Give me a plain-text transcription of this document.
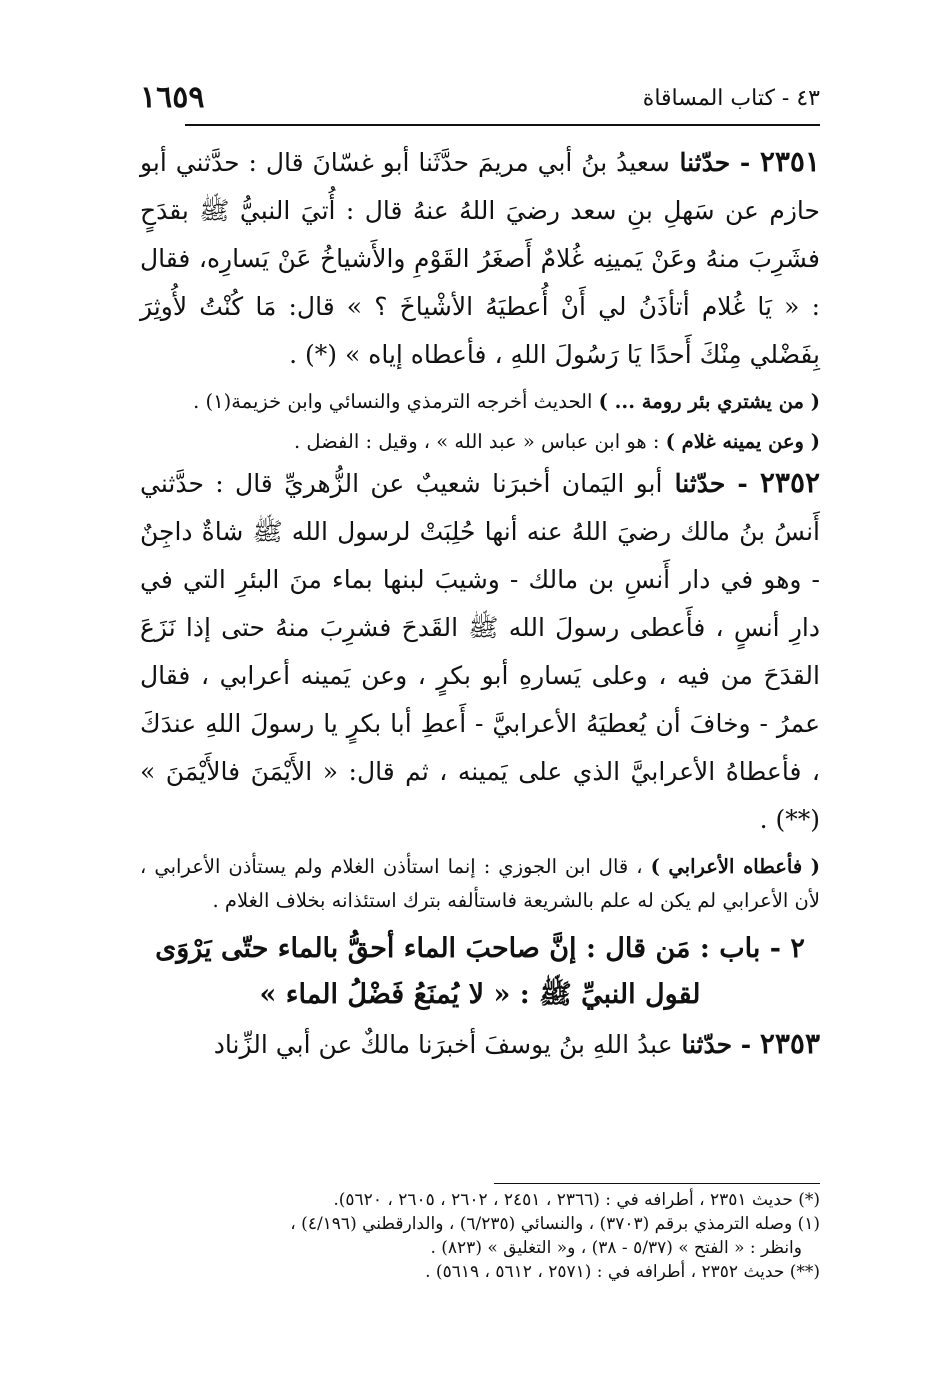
٤٣ - كتاب المساقاة
١٦٥٩

٢٣٥١ - حدّثنا سعيدُ بنُ أبي مريمَ حدَّثَنا أبو غسّانَ قال : حدَّثني أبو حازم عن سَهلِ بنِ سعد رضيَ اللهُ عنهُ قال : أُتيَ النبيُّ ﷺ بقدَحٍ فشَرِبَ منهُ وعَنْ يَمينِه غُلامٌ أَصغَرُ القَوْمِ والأَشياخُ عَنْ يَسارِه، فقال : « يَا غُلام أتأذَنُ لي أَنْ أُعطيَهُ الأشْياخَ ؟ » قال: مَا كُنْتُ لأُوثِرَ بِفَضْلي مِنْكَ أَحدًا يَا رَسُولَ اللهِ ، فأعطاه إياه » (*) .

( من يشتري بئر رومة ... ) الحديث أخرجه الترمذي والنسائي وابن خزيمة(١) .

( وعن يمينه غلام ) : هو ابن عباس « عبد الله » ، وقيل : الفضل .

٢٣٥٢ - حدّثنا أبو اليَمان أخبرَنا شعيبٌ عن الزُّهريِّ قال : حدَّثني أَنسُ بنُ مالك رضيَ اللهُ عنه أنها حُلِبَتْ لرسول الله ﷺ شاةٌ داجِنٌ - وهو في دار أَنسِ بن مالك - وشيبَ لبنها بماء منَ البئرِ التي في دارِ أنسٍ ، فأَعطى رسولَ الله ﷺ القَدحَ فشرِبَ منهُ حتى إذا نَزَعَ القدَحَ من فيه ، وعلى يَسارهِ أبو بكرٍ ، وعن يَمينه أعرابي ، فقال عمرُ - وخافَ أن يُعطيَهُ الأعرابيَّ - أَعطِ أبا بكرٍ يا رسولَ اللهِ عندَكَ ، فأعطاهُ الأعرابيَّ الذي على يَمينه ، ثم قال: « الأَيْمَنَ فالأَيْمَنَ » (**) .

( فأعطاه الأعرابي ) ، قال ابن الجوزي : إنما استأذن الغلام ولم يستأذن الأعرابي ، لأن الأعرابي لم يكن له علم بالشريعة فاستألفه بترك استئذانه بخلاف الغلام .

٢ - باب : مَن قال : إنَّ صاحبَ الماء أحقُّ بالماء حتّى يَرْوَى
لقول النبيِّ ﷺ : « لا يُمنَعُ فَضْلُ الماء »

٢٣٥٣ - حدّثنا عبدُ اللهِ بنُ يوسفَ أخبرَنا مالكٌ عن أبي الزِّناد

(*) حديث ٢٣٥١ ، أطرافه في : (٢٣٦٦ ، ٢٤٥١ ، ٢٦٠٢ ، ٢٦٠٥ ، ٥٦٢٠).
(١) وصله الترمذي برقم (٣٧٠٣) ، والنسائي (٦/٢٣٥) ، والدارقطني (٤/١٩٦) ،
وانظر : « الفتح » (٥/٣٧ - ٣٨) ، و« التغليق » (٨٢٣) .
(**) حديث ٢٣٥٢ ، أطرافه في : (٢٥٧١ ، ٥٦١٢ ، ٥٦١٩) .
